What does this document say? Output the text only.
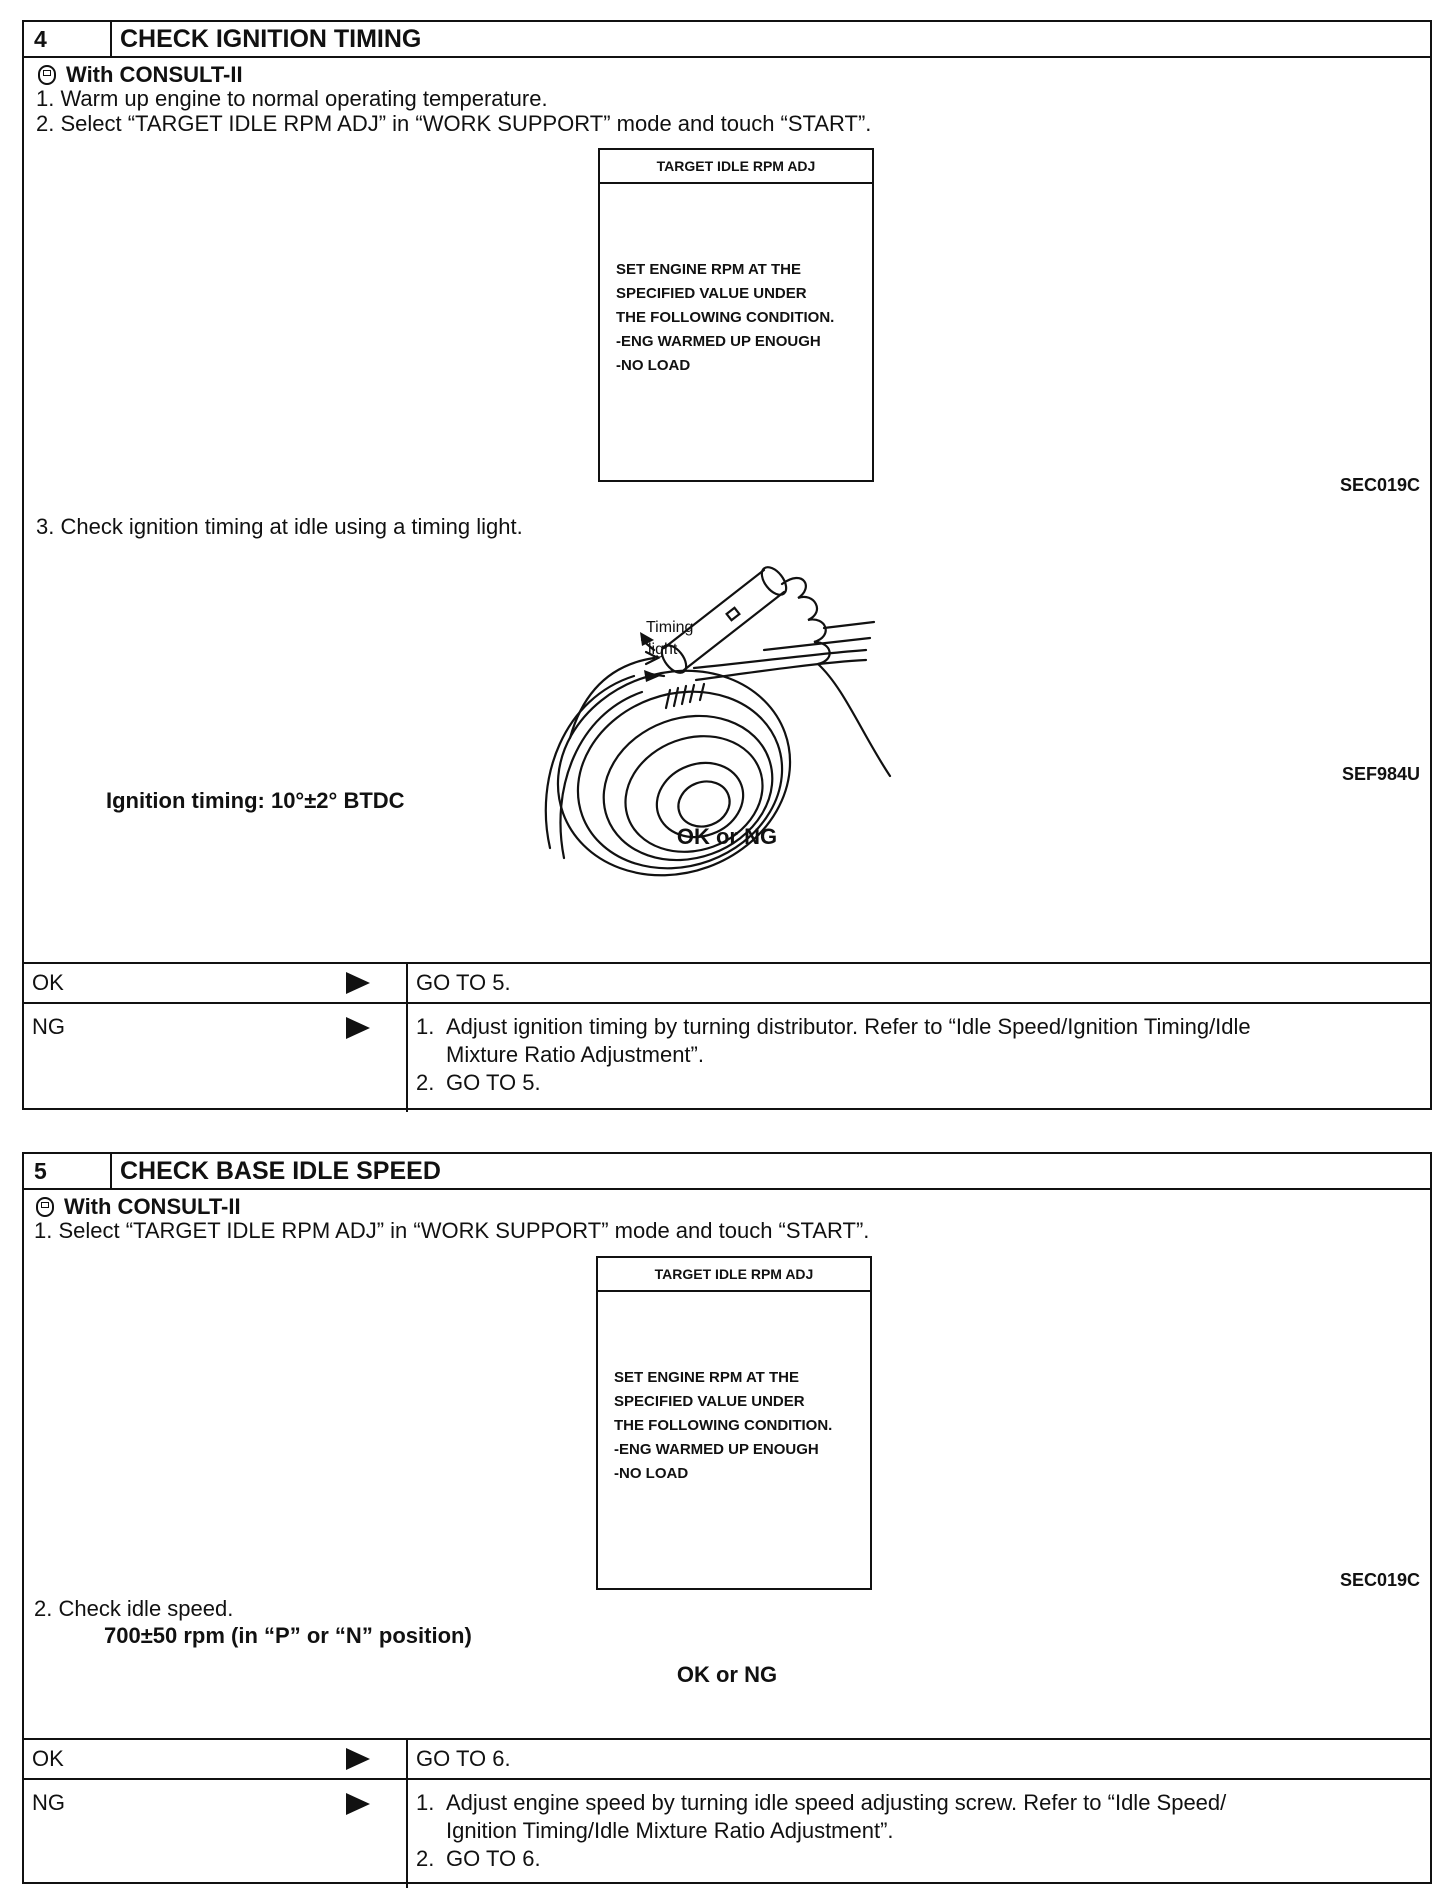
4	CHECK IGNITION TIMING
With CONSULT-II
1. Warm up engine to normal operating temperature.
2. Select “TARGET IDLE RPM ADJ” in “WORK SUPPORT” mode and touch “START”.
TARGET IDLE RPM ADJ
SET ENGINE RPM AT THE
SPECIFIED VALUE UNDER
THE FOLLOWING CONDITION.
-ENG WARMED UP ENOUGH
-NO LOAD
SEC019C
3. Check ignition timing at idle using a timing light.
Timing
light
SEF984U
Ignition timing: 10°±2° BTDC
OK or NG
OK	GO TO 5.
NG	1. Adjust ignition timing by turning distributor. Refer to “Idle Speed/Ignition Timing/Idle
Mixture Ratio Adjustment”.
2. GO TO 5.
5	CHECK BASE IDLE SPEED
With CONSULT-II
1. Select “TARGET IDLE RPM ADJ” in “WORK SUPPORT” mode and touch “START”.
TARGET IDLE RPM ADJ
SET ENGINE RPM AT THE
SPECIFIED VALUE UNDER
THE FOLLOWING CONDITION.
-ENG WARMED UP ENOUGH
-NO LOAD
SEC019C
2. Check idle speed.
700±50 rpm (in “P” or “N” position)
OK or NG
OK	GO TO 6.
NG	1. Adjust engine speed by turning idle speed adjusting screw. Refer to “Idle Speed/
Ignition Timing/Idle Mixture Ratio Adjustment”.
2. GO TO 6.
